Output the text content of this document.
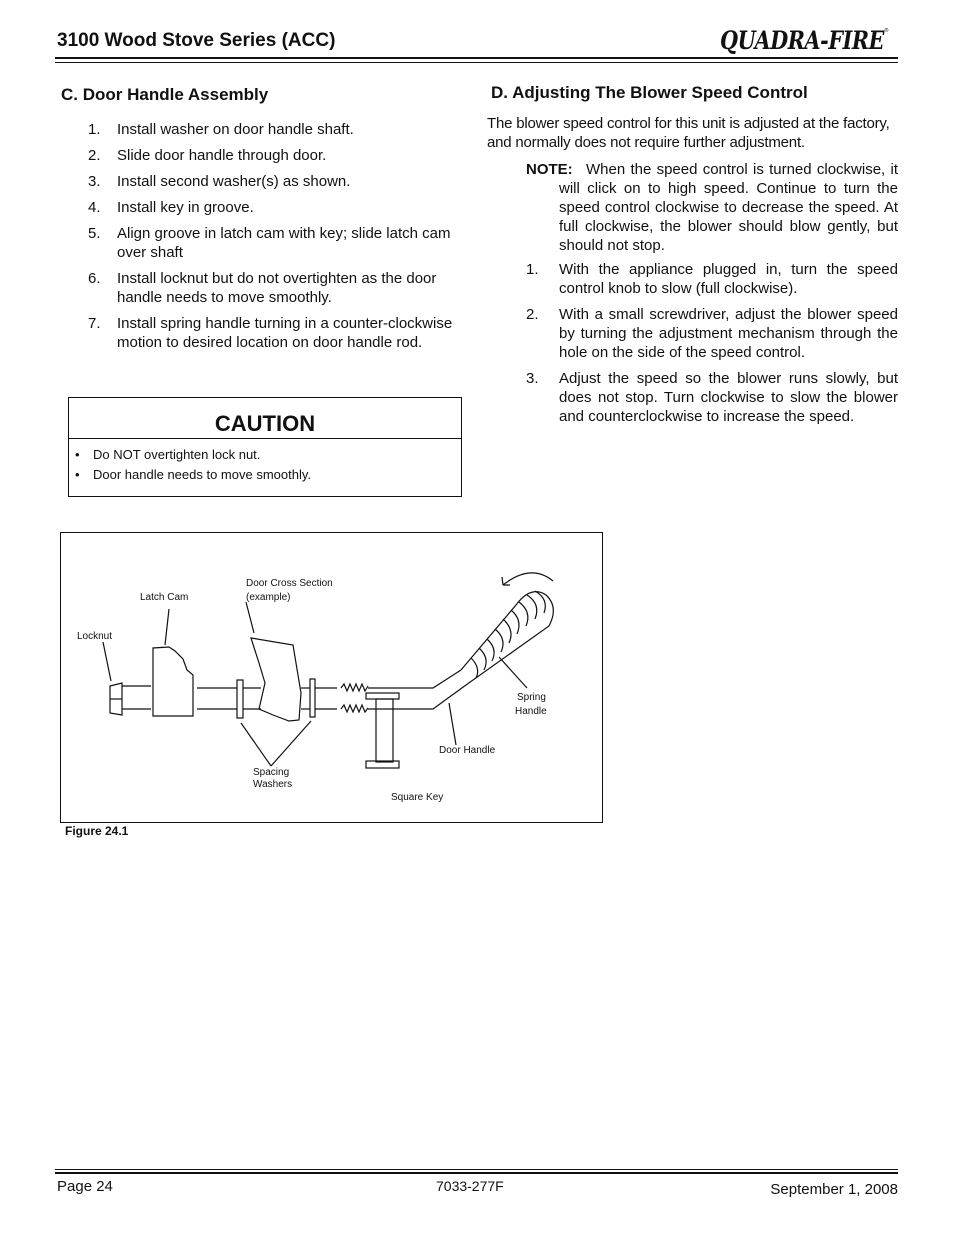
3100 Wood Stove Series (ACC)	QUADRA-FIRE
®
C. Door Handle Assembly
1. Install washer on door handle shaft.
2. Slide door handle through door.
3. Install second washer(s) as shown.
4. Install key in groove.
5. Align groove in latch cam with key; slide latch cam over shaft
6. Install locknut but do not overtighten as the door handle needs to move smoothly.
7. Install spring handle turning in a counter-clockwise motion to desired location on door handle rod.
CAUTION
• Do NOT overtighten lock nut.
• Door handle needs to move smoothly.
D. Adjusting The Blower Speed Control
The blower speed control for this unit is adjusted at the factory, and normally does not require further adjustment.
NOTE: When the speed control is turned clockwise, it will click on to high speed. Continue to turn the speed control clockwise to decrease the speed. At full clockwise, the blower should blow gently, but should not stop.
1. With the appliance plugged in, turn the speed control knob to slow (full clockwise).
2. With a small screwdriver, adjust the blower speed by turning the adjustment mechanism through the hole on the side of the speed control.
3. Adjust the speed so the blower runs slowly, but does not stop. Turn clockwise to slow the blower and counterclockwise to increase the speed.
Locknut
Latch Cam
Door Cross Section
(example)
Spring
Handle
Door Handle
Spacing
Washers
Square Key
Figure 24.1
Page 24	7033-277F	September 1, 2008
